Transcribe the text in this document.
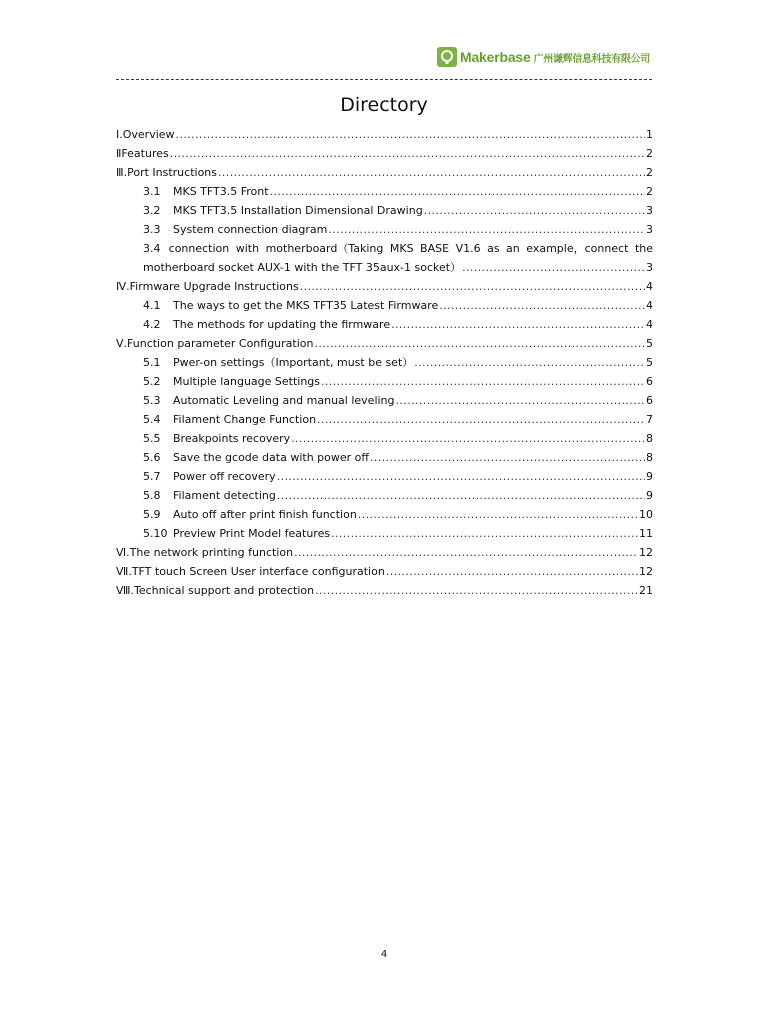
Makerbase 广州谦辉信息科技有限公司
Directory
Ⅰ. Overview .....	1
Ⅱ Features .....	2
Ⅲ. Port Instructions .....	2
3.1	MKS TFT3.5 Front .....	2
3.2	MKS TFT3.5 Installation Dimensional Drawing .....	3
3.3	System connection diagram .....	3
3.4 connection with motherboard（Taking MKS BASE V1.6 as an example，connect the
motherboard socket AUX-1 with the TFT 35aux-1 socket） .....	3
Ⅳ. Firmware Upgrade Instructions .....	4
4.1	The ways to get the MKS TFT35 Latest Firmware .....	4
4.2	The methods for updating the firmware .....	4
Ⅴ. Function parameter Configuration .....	5
5.1	Pwer-on settings（Important, must be set） .....	5
5.2	Multiple language Settings .....	6
5.3	Automatic Leveling and manual leveling .....	6
5.4	Filament Change Function .....	7
5.5	Breakpoints recovery .....	8
5.6	Save the gcode data with power off .....	8
5.7	Power off recovery .....	9
5.8	Filament detecting .....	9
5.9	Auto off after print finish function .....	10
5.10 Preview Print Model features .....	11
Ⅵ. The network printing function .....	12
Ⅶ. TFT touch Screen User interface configuration .....	12
Ⅷ. Technical support and protection .....	21
4
